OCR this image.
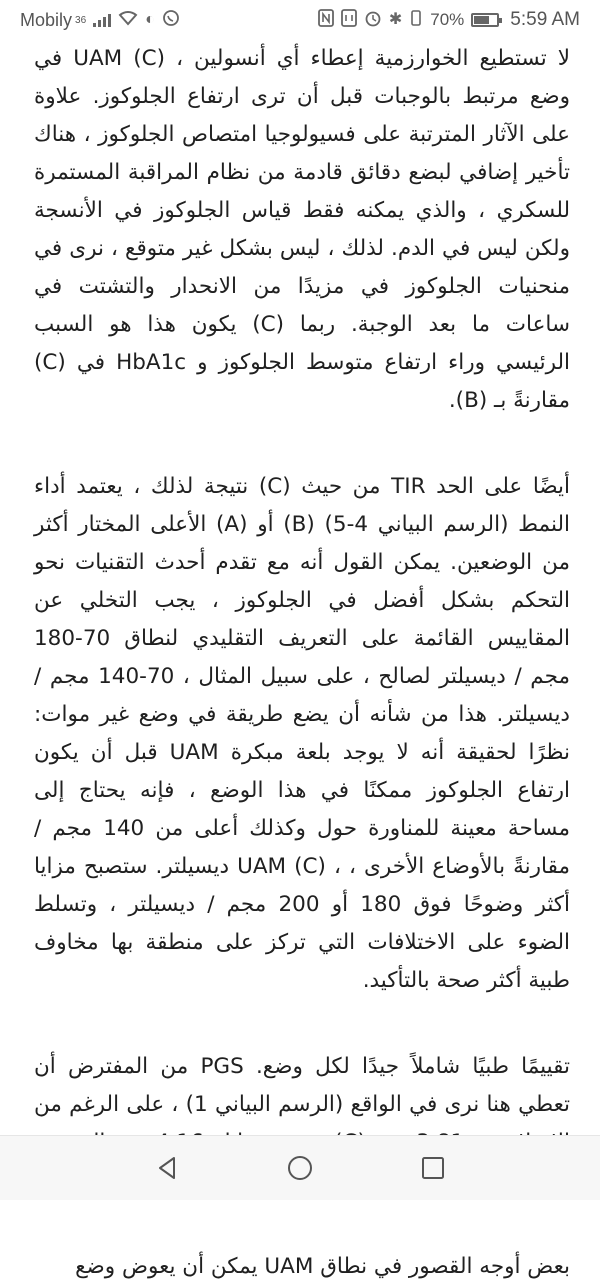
Mobily 36	◐	✱ 70% 5:59 AM

لا تستطيع الخوارزمية إعطاء أي أنسولين ، UAM (C) في وضع مرتبط بالوجبات قبل أن ترى ارتفاع الجلوكوز. علاوة على الآثار المترتبة على فسيولوجيا امتصاص الجلوكوز ، هناك تأخير إضافي لبضع دقائق قادمة من نظام المراقبة المستمرة للسكري ، والذي يمكنه فقط قياس الجلوكوز في الأنسجة ولكن ليس في الدم. لذلك ، ليس بشكل غير متوقع ، نرى في منحنيات الجلوكوز في مزيدًا من الانحدار والتشتت في ساعات ما بعد الوجبة. ربما (C) يكون هذا هو السبب الرئيسي وراء ارتفاع متوسط الجلوكوز و HbA1c في (C) مقارنةً بـ (B).

أيضًا على الحد TIR من حيث (C) نتيجة لذلك ، يعتمد أداء النمط (الرسم البياني 4-5) (B) أو (A) الأعلى المختار أكثر من الوضعين. يمكن القول أنه مع تقدم أحدث التقنيات نحو التحكم بشكل أفضل في الجلوكوز ، يجب التخلي عن المقاييس القائمة على التعريف التقليدي لنطاق 70-180 مجم / ديسيلتر لصالح ، على سبيل المثال ، 70-140 مجم / ديسيلتر. هذا من شأنه أن يضع طريقة في وضع غير موات: نظرًا لحقيقة أنه لا يوجد بلعة مبكرة UAM قبل أن يكون ارتفاع الجلوكوز ممكنًا في هذا الوضع ، فإنه يحتاج إلى مساحة معينة للمناورة حول وكذلك أعلى من 140 مجم / مقارنةً بالأوضاع الأخرى ، ، UAM (C) ديسيلتر. ستصبح مزايا أكثر وضوحًا فوق 180 أو 200 مجم / ديسيلتر ، وتسلط الضوء على الاختلافات التي تركز على منطقة بها مخاوف طبية أكثر صحة بالتأكيد.

تقييمًا طبيًا شاملاً جيدًا لكل وضع. PGS من المفترض أن تعطي هنا نرى في الواقع (الرسم البياني 1) ، على الرغم من

بعض أوجه القصور في نطاق UAM يمكن أن يعوض وضع
